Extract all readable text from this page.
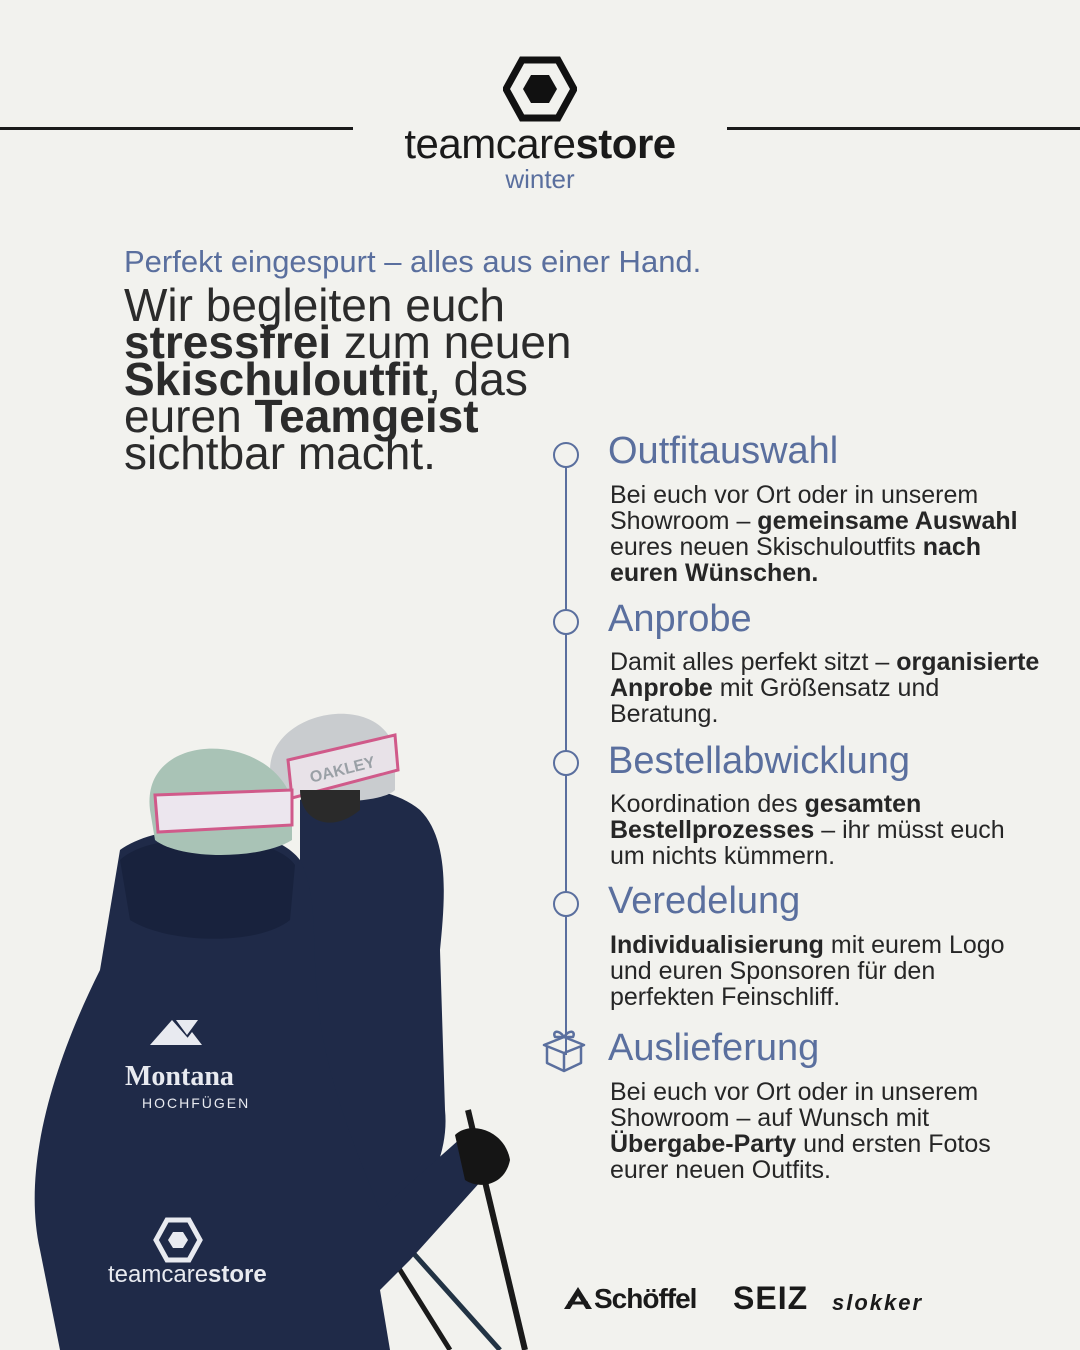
teamcarestore
winter
Perfekt eingespurt – alles aus einer Hand.
Wir begleiten euch
stressfrei zum neuen
Skischuloutfit, das
euren Teamgeist
sichtbar macht.	Outfitauswahl
Bei euch vor Ort oder in unserem Showroom – gemeinsame Auswahl eures neuen Skischuloutfits nach euren Wünschen.
Anprobe
Damit alles perfekt sitzt – organisierte Anprobe mit Größensatz und Beratung.
Bestellabwicklung
Koordination des gesamten Bestellprozesses – ihr müsst euch um nichts kümmern.
Veredelung
Individualisierung mit eurem Logo und euren Sponsoren für den perfekten Feinschliff.
Auslieferung
Bei euch vor Ort oder in unserem Showroom – auf Wunsch mit Übergabe-Party und ersten Fotos eurer neuen Outfits.
OAKLEY
Montana
HOCHFÜGEN
teamcarestore
Schöffel SEIZ slokker
